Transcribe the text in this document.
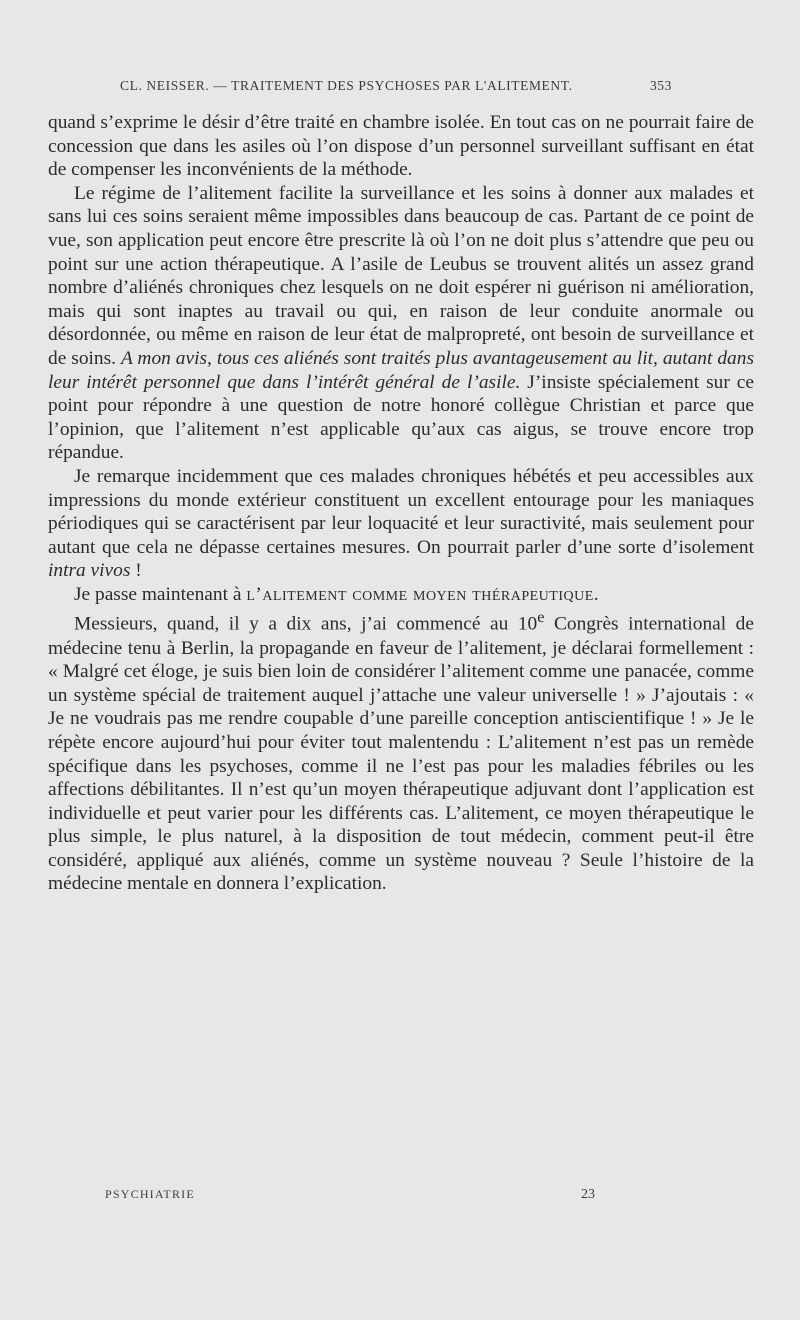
CL. NEISSER. — TRAITEMENT DES PSYCHOSES PAR L'ALITEMENT.	353

quand s’exprime le désir d’être traité en chambre isolée. En tout cas on ne pourrait faire de concession que dans les asiles où l’on dispose d’un personnel surveillant suffisant en état de compenser les inconvénients de la méthode.

Le régime de l’alitement facilite la surveillance et les soins à donner aux malades et sans lui ces soins seraient même impossibles dans beaucoup de cas. Partant de ce point de vue, son application peut encore être prescrite là où l’on ne doit plus s’attendre que peu ou point sur une action thérapeutique. A l’asile de Leubus se trouvent alités un assez grand nombre d’aliénés chroniques chez lesquels on ne doit espérer ni guérison ni amélioration, mais qui sont inaptes au travail ou qui, en raison de leur conduite anormale ou désordonnée, ou même en raison de leur état de malpropreté, ont besoin de surveillance et de soins. A mon avis, tous ces aliénés sont traités plus avantageusement au lit, autant dans leur intérêt personnel que dans l’intérêt général de l’asile. J’insiste spécialement sur ce point pour répondre à une question de notre honoré collègue Christian et parce que l’opinion, que l’alitement n’est applicable qu’aux cas aigus, se trouve encore trop répandue.

Je remarque incidemment que ces malades chroniques hébétés et peu accessibles aux impressions du monde extérieur constituent un excellent entourage pour les maniaques périodiques qui se caractérisent par leur loquacité et leur suractivité, mais seulement pour autant que cela ne dépasse certaines mesures. On pourrait parler d’une sorte d’isolement intra vivos !

Je passe maintenant à l’alitement comme moyen thérapeutique.

Messieurs, quand, il y a dix ans, j’ai commencé au 10e Congrès international de médecine tenu à Berlin, la propagande en faveur de l’alitement, je déclarai formellement : « Malgré cet éloge, je suis bien loin de considérer l’alitement comme une panacée, comme un système spécial de traitement auquel j’attache une valeur universelle ! » J’ajoutais : « Je ne voudrais pas me rendre coupable d’une pareille conception antiscientifique ! » Je le répète encore aujourd’hui pour éviter tout malentendu : L’alitement n’est pas un remède spécifique dans les psychoses, comme il ne l’est pas pour les maladies fébriles ou les affections débilitantes. Il n’est qu’un moyen thérapeutique adjuvant dont l’application est individuelle et peut varier pour les différents cas. L’alitement, ce moyen thérapeutique le plus simple, le plus naturel, à la disposition de tout médecin, comment peut-il être considéré, appliqué aux aliénés, comme un système nouveau ? Seule l’histoire de la médecine mentale en donnera l’explication.

PSYCHIATRIE	23
